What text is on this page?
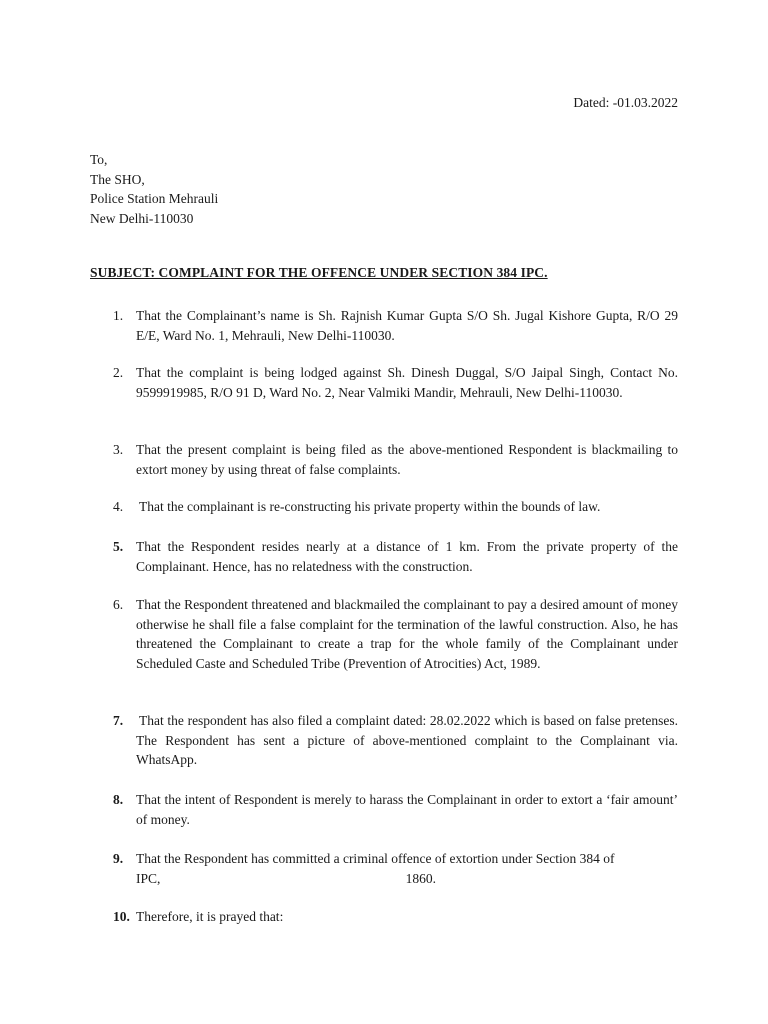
Dated: -01.03.2022
To,
The SHO,
Police Station Mehrauli
New Delhi-110030
SUBJECT: COMPLAINT FOR THE OFFENCE UNDER SECTION 384 IPC.
1. That the Complainant’s name is Sh. Rajnish Kumar Gupta S/O Sh. Jugal Kishore Gupta, R/O 29 E/E, Ward No. 1, Mehrauli, New Delhi-110030.
2. That the complaint is being lodged against Sh. Dinesh Duggal, S/O Jaipal Singh, Contact No. 9599919985, R/O 91 D, Ward No. 2, Near Valmiki Mandir, Mehrauli, New Delhi-110030.
3. That the present complaint is being filed as the above-mentioned Respondent is blackmailing to extort money by using threat of false complaints.
4. That the complainant is re-constructing his private property within the bounds of law.
5. That the Respondent resides nearly at a distance of 1 km. From the private property of the Complainant. Hence, has no relatedness with the construction.
6. That the Respondent threatened and blackmailed the complainant to pay a desired amount of money otherwise he shall file a false complaint for the termination of the lawful construction. Also, he has threatened the Complainant to create a trap for the whole family of the Complainant under Scheduled Caste and Scheduled Tribe (Prevention of Atrocities) Act, 1989.
7. That the respondent has also filed a complaint dated: 28.02.2022 which is based on false pretenses. The Respondent has sent a picture of above-mentioned complaint to the Complainant via. WhatsApp.
8. That the intent of Respondent is merely to harass the Complainant in order to extort a ‘fair amount’ of money.
9. That the Respondent has committed a criminal offence of extortion under Section 384 of
IPC,	1860.
10. Therefore, it is prayed that:
